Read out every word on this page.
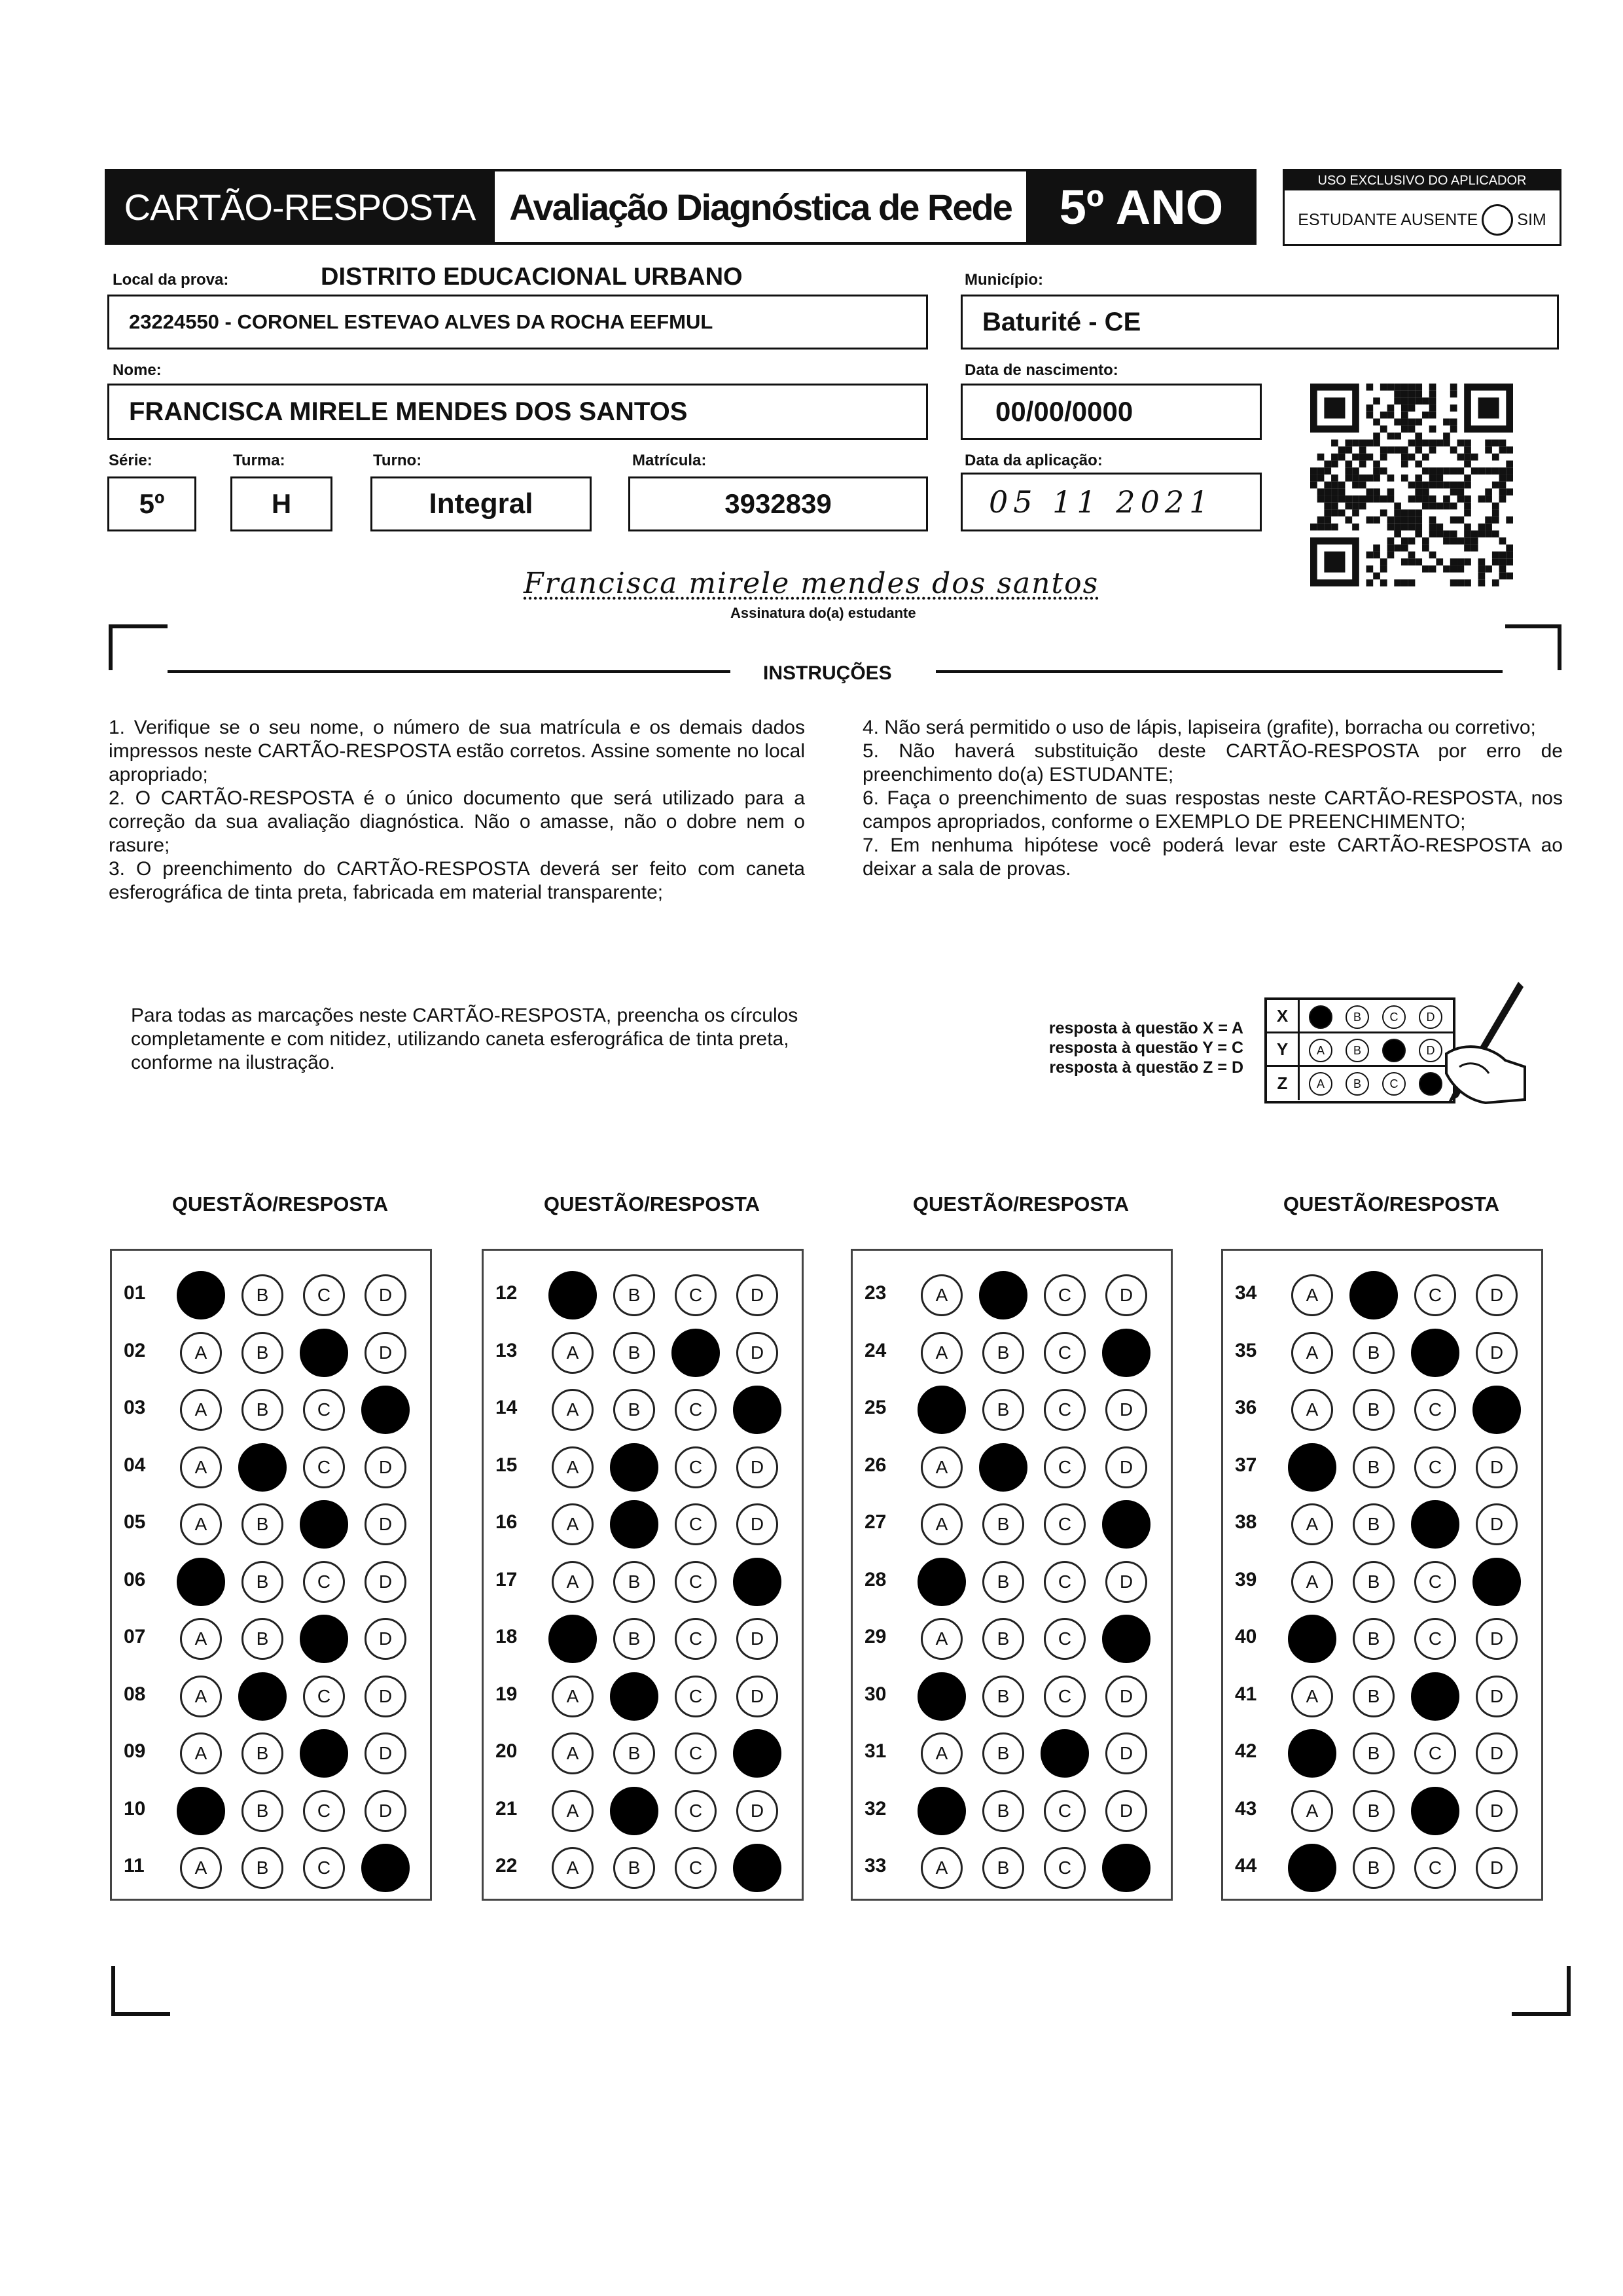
CARTÃO-RESPOSTA Avaliação Diagnóstica de Rede 5º ANO	USO EXCLUSIVO DO APLICADOR
ESTUDANTE AUSENTE SIM
Local da prova:	DISTRITO EDUCACIONAL URBANO
23224550 - CORONEL ESTEVAO ALVES DA ROCHA EEFMUL
Município:
Baturité - CE
Nome:
FRANCISCA MIRELE MENDES DOS SANTOS
Data de nascimento:
00/00/0000
Série:
5º
Turma:
H
Turno:
Integral
Matrícula:
3932839
Data da aplicação:
05 11 2021
Francisca mirele mendes dos santos
Assinatura do(a) estudante
INSTRUÇÕES

1. Verifique se o seu nome, o número de sua matrícula e os demais dados impressos neste CARTÃO-RESPOSTA estão corretos. Assine somente no local apropriado;

2. O CARTÃO-RESPOSTA é o único documento que será utilizado para a correção da sua avaliação diagnóstica. Não o amasse, não o dobre nem o rasure;

3. O preenchimento do CARTÃO-RESPOSTA deverá ser feito com caneta esferográfica de tinta preta, fabricada em material transparente;

4. Não será permitido o uso de lápis, lapiseira (grafite), borracha ou corretivo;

5. Não haverá substituição deste CARTÃO-RESPOSTA por erro de preenchimento do(a) ESTUDANTE;

6. Faça o preenchimento de suas respostas neste CARTÃO-RESPOSTA, nos campos apropriados, conforme o EXEMPLO DE PREENCHIMENTO;

7. Em nenhuma hipótese você poderá levar este CARTÃO-RESPOSTA ao deixar a sala de provas.

Para todas as marcações neste CARTÃO-RESPOSTA, preencha os círculos completamente e com nitidez, utilizando caneta esferográfica de tinta preta, conforme na ilustração.
resposta à questão X = A
resposta à questão Y = C
resposta à questão Z = D
X	A	B	C	D
Y	A	B	C	D
Z	A	B	C	D
QUESTÃO/RESPOSTA
01	A	B	C	D
02	A	B	C	D
03	A	B	C	D
04	A	B	C	D
05	A	B	C	D
06	A	B	C	D
07	A	B	C	D
08	A	B	C	D
09	A	B	C	D
10	A	B	C	D
11	A	B	C	D
QUESTÃO/RESPOSTA
12	A	B	C	D
13	A	B	C	D
14	A	B	C	D
15	A	B	C	D
16	A	B	C	D
17	A	B	C	D
18	A	B	C	D
19	A	B	C	D
20	A	B	C	D
21	A	B	C	D
22	A	B	C	D
QUESTÃO/RESPOSTA
23	A	B	C	D
24	A	B	C	D
25	A	B	C	D
26	A	B	C	D
27	A	B	C	D
28	A	B	C	D
29	A	B	C	D
30	A	B	C	D
31	A	B	C	D
32	A	B	C	D
33	A	B	C	D
QUESTÃO/RESPOSTA
34	A	B	C	D
35	A	B	C	D
36	A	B	C	D
37	A	B	C	D
38	A	B	C	D
39	A	B	C	D
40	A	B	C	D
41	A	B	C	D
42	A	B	C	D
43	A	B	C	D
44	A	B	C	D
